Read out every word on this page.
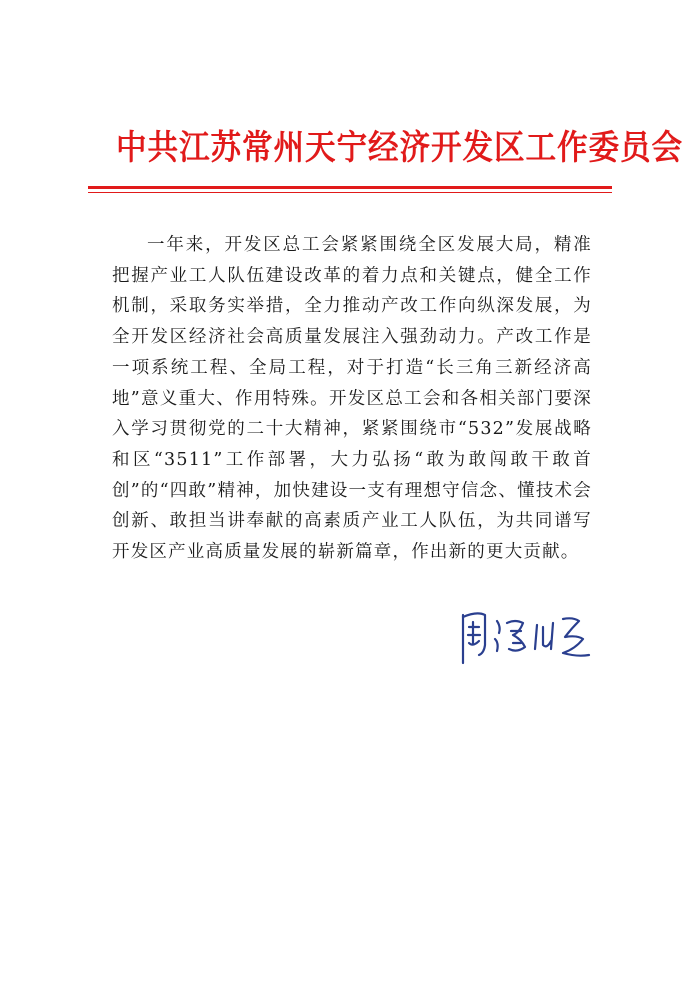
中共江苏常州天宁经济开发区工作委员会

一年来，开发区总工会紧紧围绕全区发展大局，精准把握产业工人队伍建设改革的着力点和关键点，健全工作机制，采取务实举措，全力推动产改工作向纵深发展，为全开发区经济社会高质量发展注入强劲动力。产改工作是一项系统工程、全局工程，对于打造“长三角三新经济高地”意义重大、作用特殊。开发区总工会和各相关部门要深入学习贯彻党的二十大精神，紧紧围绕市“532”发展战略和区“3511”工作部署，大力弘扬“敢为敢闯敢干敢首创”的“四敢”精神，加快建设一支有理想守信念、懂技术会创新、敢担当讲奉献的高素质产业工人队伍，为共同谱写开发区产业高质量发展的崭新篇章，作出新的更大贡献。
